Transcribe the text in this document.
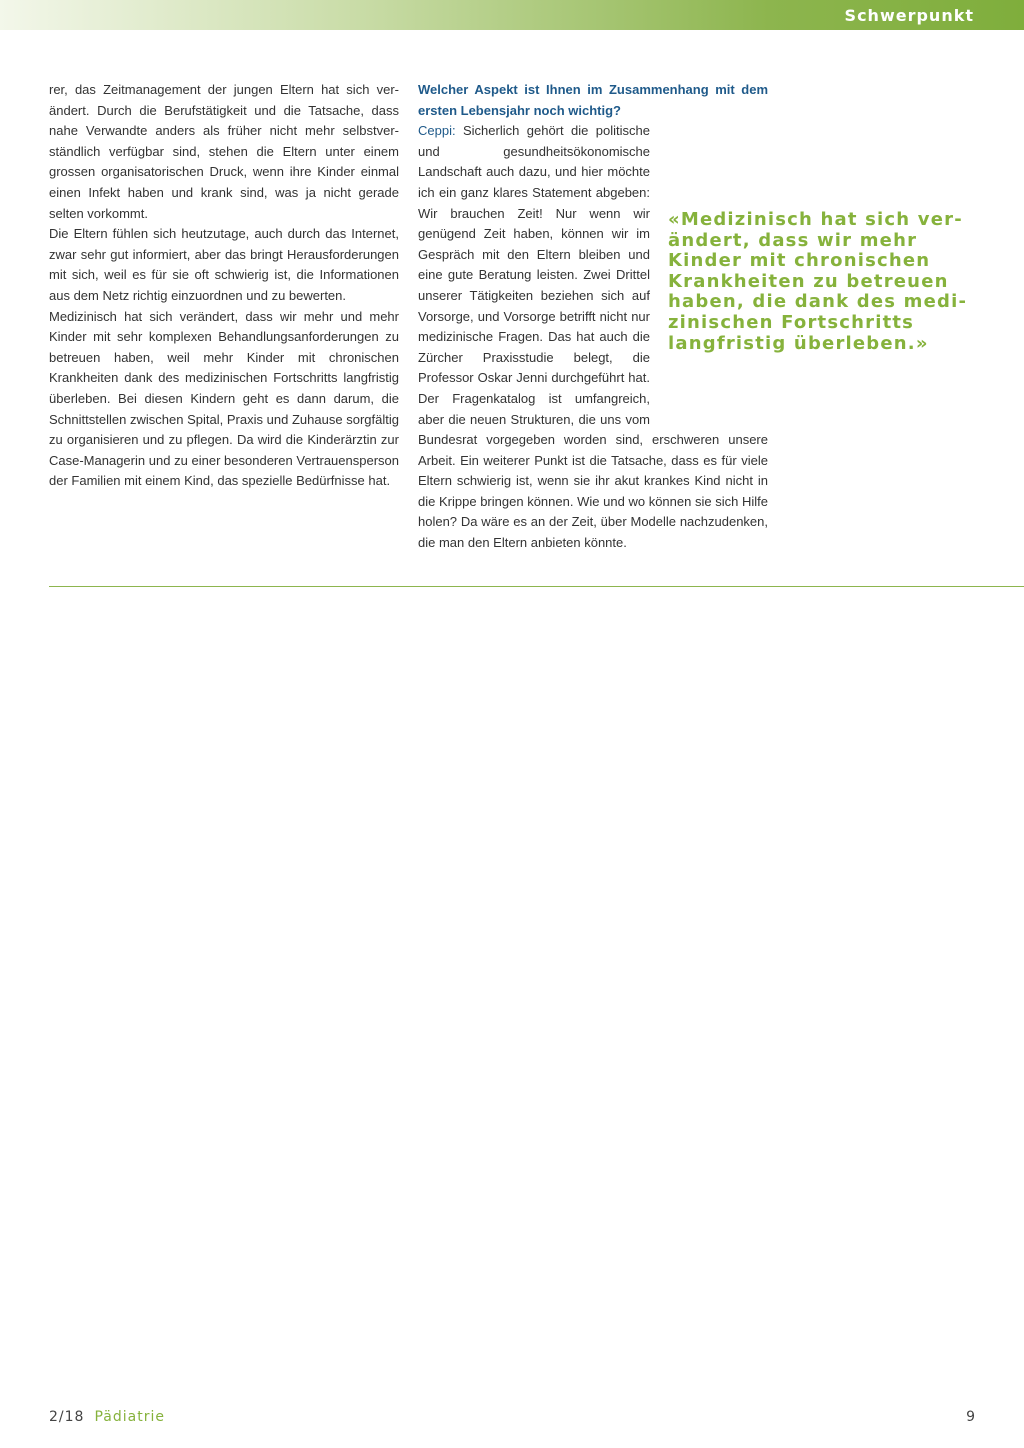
Schwerpunkt

rer, das Zeitmanagement der jungen Eltern hat sich verändert. Durch die Berufstätigkeit und die Tatsache, dass nahe Verwandte anders als früher nicht mehr selbstverständlich verfügbar sind, stehen die Eltern unter einem grossen organisatorischen Druck, wenn ihre Kinder einmal einen Infekt haben und krank sind, was ja nicht gerade selten vorkommt.

Die Eltern fühlen sich heutzutage, auch durch das Internet, zwar sehr gut informiert, aber das bringt Herausforderungen mit sich, weil es für sie oft schwierig ist, die Informationen aus dem Netz richtig einzuordnen und zu bewerten.

Medizinisch hat sich verändert, dass wir mehr und mehr Kinder mit sehr komplexen Behandlungsanforderungen zu betreuen haben, weil mehr Kinder mit chronischen Krankheiten dank des medizinischen Fortschritts langfristig überleben. Bei diesen Kindern geht es dann darum, die Schnittstellen zwischen Spital, Praxis und Zuhause sorgfältig zu organisieren und zu pflegen. Da wird die Kinderärztin zur Case-Managerin und zu einer besonderen Vertrauensperson der Familien mit einem Kind, das spezielle Bedürfnisse hat.

Welcher Aspekt ist Ihnen im Zusammenhang mit dem ersten Lebensjahr noch wichtig?

Ceppi: Sicherlich gehört die politische und gesundheitsökonomische Landschaft auch dazu, und hier möchte ich ein ganz klares Statement abgeben: Wir brauchen Zeit! Nur wenn wir genügend Zeit haben, können wir im Gespräch mit den Eltern bleiben und eine gute Beratung leisten. Zwei Drittel unserer Tätigkeiten beziehen sich auf Vorsorge, und Vorsorge betrifft nicht nur medizinische Fragen. Das hat auch die Zürcher Praxisstudie belegt, die Professor Oskar Jenni durchgeführt hat. Der Fragenkatalog ist umfangreich, aber die neuen Strukturen, die uns vom Bundesrat vorgegeben worden sind, erschweren unsere Arbeit. Ein weiterer Punkt ist die Tatsache, dass es für viele Eltern schwierig ist, wenn sie ihr akut krankes Kind nicht in die Krippe bringen können. Wie und wo können sie sich Hilfe holen? Da wäre es an der Zeit, über Modelle nachzudenken, die man den Eltern anbieten könnte.

«Medizinisch hat sich verändert, dass wir mehr Kinder mit chronischen Krankheiten zu betreuen haben, die dank des medizinischen Fortschritts langfristig überleben.»
2/18 Pädiatrie	9
